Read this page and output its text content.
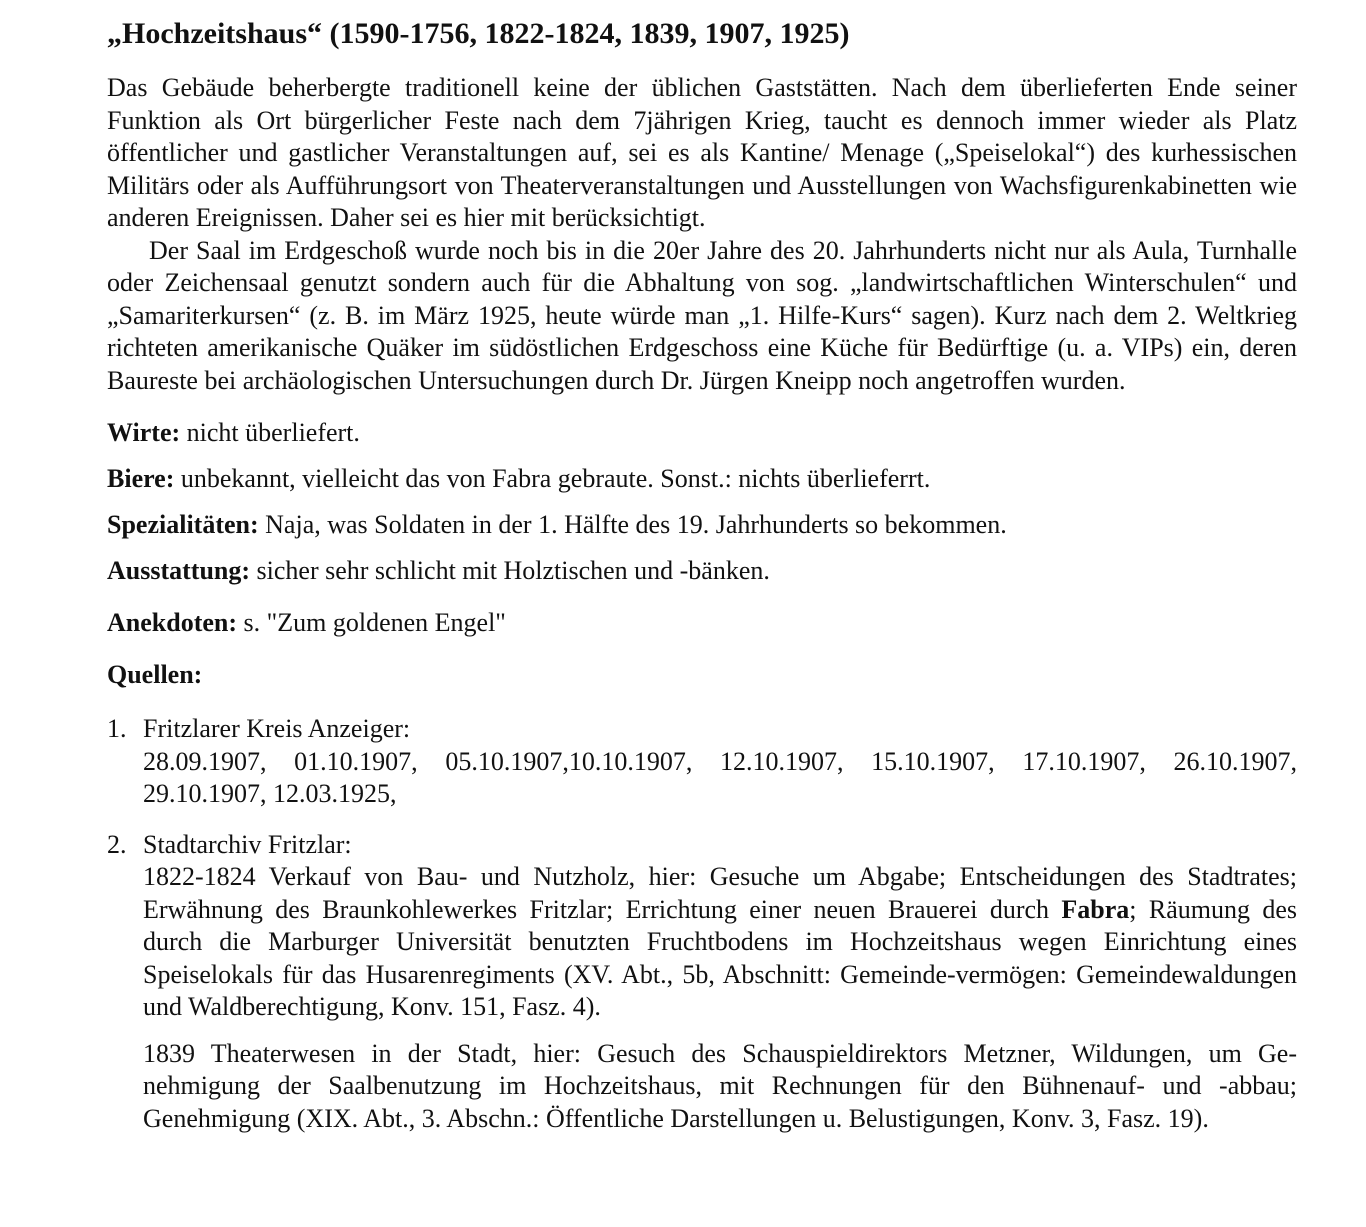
„Hochzeitshaus“ (1590-1756, 1822-1824, 1839, 1907, 1925)

Das Gebäude beherbergte traditionell keine der üblichen Gaststätten. Nach dem überlieferten Ende seiner Funktion als Ort bürgerlicher Feste nach dem 7jährigen Krieg, taucht es dennoch immer wieder als Platz öffentlicher und gastlicher Veranstaltungen auf, sei es als Kantine/ Menage („Speiselokal“) des kurhessischen Militärs oder als Aufführungsort von Theaterveranstaltungen und Ausstellungen von Wachsfigurenkabinetten wie anderen Ereignissen. Daher sei es hier mit berücksichtigt.

Der Saal im Erdgeschoß wurde noch bis in die 20er Jahre des 20. Jahrhunderts nicht nur als Aula, Turnhalle oder Zeichensaal genutzt sondern auch für die Abhaltung von sog. „landwirtschaftlichen Winterschulen“ und „Samariterkursen“ (z. B. im März 1925, heute würde man „1. Hilfe-Kurs“ sagen). Kurz nach dem 2. Weltkrieg richteten amerikanische Quäker im südöstlichen Erdgeschoss eine Küche für Bedürftige (u. a. VIPs) ein, deren Baureste bei archäologischen Untersuchungen durch Dr. Jürgen Kneipp noch angetroffen wurden.

Wirte: nicht überliefert.

Biere: unbekannt, vielleicht das von Fabra gebraute. Sonst.: nichts überlieferrt.

Spezialitäten: Naja, was Soldaten in der 1. Hälfte des 19. Jahrhunderts so bekommen.

Ausstattung: sicher sehr schlicht mit Holztischen und -bänken.

Anekdoten: s. "Zum goldenen Engel"

Quellen:

1. Fritzlarer Kreis Anzeiger:
28.09.1907, 01.10.1907, 05.10.1907,10.10.1907, 12.10.1907, 15.10.1907, 17.10.1907, 26.10.1907, 29.10.1907, 12.03.1925,
2. Stadtarchiv Fritzlar:
1822-1824 Verkauf von Bau- und Nutzholz, hier: Gesuche um Abgabe; Entscheidungen des Stadtrates; Erwähnung des Braunkohlewerkes Fritzlar; Errichtung einer neuen Brauerei durch Fabra; Räumung des durch die Marburger Universität benutzten Fruchtbodens im Hochzeitshaus wegen Einrichtung eines Speiselokals für das Husarenregiments (XV. Abt., 5b, Abschnitt: Gemeinde-vermögen: Gemeindewaldungen und Waldberechtigung, Konv. 151, Fasz. 4).
1839 Theaterwesen in der Stadt, hier: Gesuch des Schauspieldirektors Metzner, Wildungen, um Ge-nehmigung der Saalbenutzung im Hochzeitshaus, mit Rechnungen für den Bühnenauf- und -abbau; Genehmigung (XIX. Abt., 3. Abschn.: Öffentliche Darstellungen u. Belustigungen, Konv. 3, Fasz. 19).
